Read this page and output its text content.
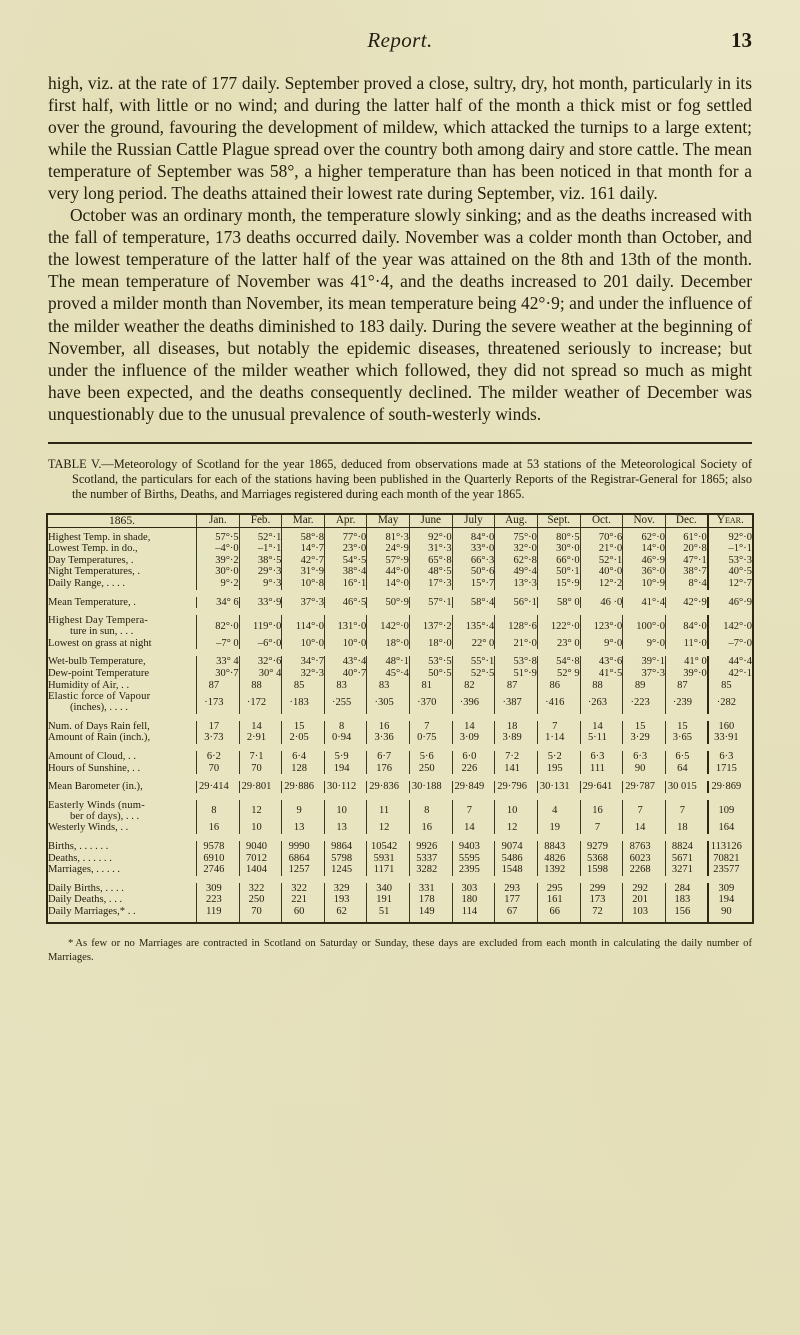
Report.	13

high, viz. at the rate of 177 daily. September proved a close, sultry, dry, hot month, particularly in its first half, with little or no wind; and during the latter half of the month a thick mist or fog settled over the ground, favouring the development of mildew, which attacked the turnips to a large extent; while the Russian Cattle Plague spread over the country both among dairy and store cattle. The mean temperature of September was 58°, a higher temperature than has been noticed in that month for a very long period. The deaths attained their lowest rate during September, viz. 161 daily.

October was an ordinary month, the temperature slowly sinking; and as the deaths increased with the fall of temperature, 173 deaths occurred daily. November was a colder month than October, and the lowest temperature of the latter half of the year was attained on the 8th and 13th of the month. The mean temperature of November was 41°·4, and the deaths increased to 201 daily. December proved a milder month than November, its mean temperature being 42°·9; and under the influence of the milder weather the deaths diminished to 183 daily. During the severe weather at the beginning of November, all diseases, but notably the epidemic diseases, threatened seriously to increase; but under the influence of the milder weather which followed, they did not spread so much as might have been expected, and the deaths consequently declined. The milder weather of December was unquestionably due to the unusual prevalence of south-westerly winds.

TABLE V.—Meteorology of Scotland for the year 1865, deduced from observations made at 53 stations of the Meteorological Society of Scotland, the particulars for each of the stations having been published in the Quarterly Reports of the Registrar-General for 1865; also the number of Births, Deaths, and Marriages registered during each month of the year 1865.
1865.	Jan.	Feb.	Mar.	Apr.	May	June	July	Aug.	Sept.	Oct.	Nov.	Dec.	Year.
Highest Temp. in shade,	57°·5	52°·1	58°·8	77°·0	81°·3	92°·0	84°·0	75°·0	80°·5	70°·6	62°·0	61°·0	92°·0
Lowest Temp. in do.,	–4°·0	–1°·1	14°·7	23°·0	24°·9	31°·3	33°·0	32°·0	30°·0	21°·0	14°·0	20°·8	–1°·1
Day Temperatures, .	39°·2	38°·5	42°·7	54°·5	57°·9	65°·8	66°·3	62°·8	66°·0	52°·1	46°·9	47°·1	53°·3
Night Temperatures, .	30°·0	29°·3	31°·9	38°·4	44°·0	48°·5	50°·6	49°·4	50°·1	40°·0	36°·0	38°·7	40°·5
Daily Range, . . . .	9°·2	9°·3	10°·8	16°·1	14°·0	17°·3	15°·7	13°·3	15°·9	12°·2	10°·9	8°·4	12°·7

Mean Temperature, .	34° 6	33°·9	37°·3	46°·5	50°·9	57°·1	58°·4	56°·1	58° 0	46 ·0	41°·4	42°·9	46°·9

Highest Day Tempera-
ture in sun, . . .	82°·0	119°·0	114°·0	131°·0	142°·0	137°·2	135°·4	128°·6	122°·0	123°·0	100°·0	84°·0	142°·0
Lowest on grass at night	–7° 0	–6°·0	10°·0	10°·0	18°·0	18°·0	22° 0	21°·0	23° 0	9°·0	9°·0	11°·0	–7°·0

Wet-bulb Temperature,	33° 4	32°·6	34°·7	43°·4	48°·1	53°·5	55°·1	53°·8	54°·8	43°·6	39°·1	41° 0	44°·4
Dew-point Temperature	30°·7	30° 4	32°·3	40°·7	45°·4	50°·5	52°·5	51°·9	52° 9	41°·5	37°·3	39°·0	42°·1
Humidity of Air, . .	87	88	85	83	83	81	82	87	86	88	89	87	85
Elastic force of Vapour
(inches), . . . .	·173	·172	·183	·255	·305	·370	·396	·387	·416	·263	·223	·239	·282

Num. of Days Rain fell,	17	14	15	8	16	7	14	18	7	14	15	15	160
Amount of Rain (inch.),	3·73	2·91	2·05	0·94	3·36	0·75	3·09	3·89	1·14	5·11	3·29	3·65	33·91

Amount of Cloud, . .	6·2	7·1	6·4	5·9	6·7	5·6	6·0	7·2	5·2	6·3	6·3	6·5	6·3
Hours of Sunshine, . .	70	70	128	194	176	250	226	141	195	111	90	64	1715

Mean Barometer (in.),	29·414	29·801	29·886	30·112	29·836	30·188	29·849	29·796	30·131	29·641	29·787	30 015	29·869

Easterly Winds (num-
ber of days), . . .	8	12	9	10	11	8	7	10	4	16	7	7	109
Westerly Winds, . .	16	10	13	13	12	16	14	12	19	7	14	18	164

Births, . . . . . .	9578	9040	9990	9864	10542	9926	9403	9074	8843	9279	8763	8824	113126
Deaths, . . . . . .	6910	7012	6864	5798	5931	5337	5595	5486	4826	5368	6023	5671	70821
Marriages, . . . . .	2746	1404	1257	1245	1171	3282	2395	1548	1392	1598	2268	3271	23577

Daily Births, . . . .	309	322	322	329	340	331	303	293	295	299	292	284	309
Daily Deaths, . . .	223	250	221	193	191	178	180	177	161	173	201	183	194
Daily Marriages,* . .	119	70	60	62	51	149	114	67	66	72	103	156	90
* As few or no Marriages are contracted in Scotland on Saturday or Sunday, these days are excluded from each month in calculating the daily number of Marriages.
